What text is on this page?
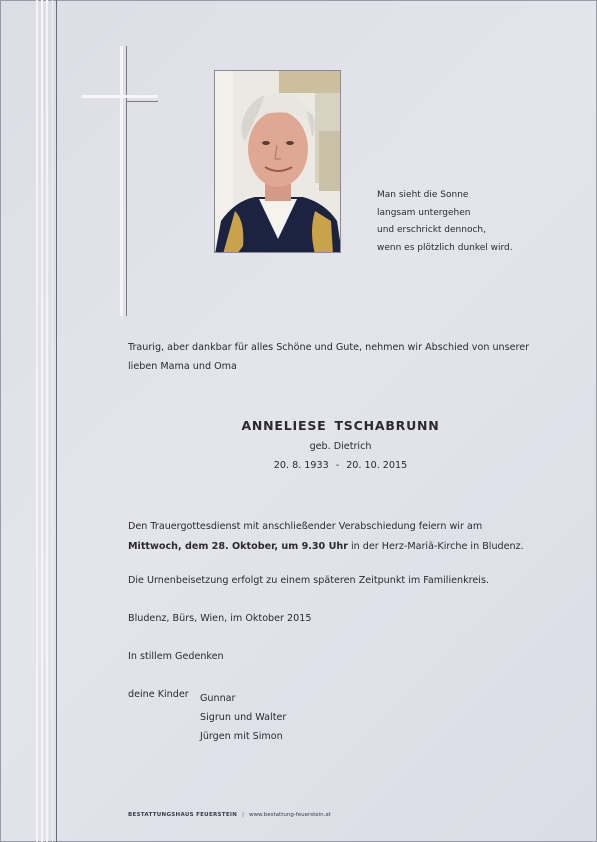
Man sieht die Sonne
langsam untergehen
und erschrickt dennoch,
wenn es plötzlich dunkel wird.
Traurig, aber dankbar für alles Schöne und Gute, nehmen wir Abschied von unserer lieben Mama und Oma
ANNELIESE TSCHABRUNN
geb. Dietrich
20. 8. 1933 - 20. 10. 2015
Den Trauergottesdienst mit anschließender Verabschiedung feiern wir am
Mittwoch, dem 28. Oktober, um 9.30 Uhr in der Herz-Mariä-Kirche in Bludenz.
Die Urnenbeisetzung erfolgt zu einem späteren Zeitpunkt im Familienkreis.
Bludenz, Bürs, Wien, im Oktober 2015
In stillem Gedenken
deine Kinder Gunnar
Sigrun und Walter
Jürgen mit Simon
BESTATTUNGSHAUS FEUERSTEIN | www.bestattung-feuerstein.at
